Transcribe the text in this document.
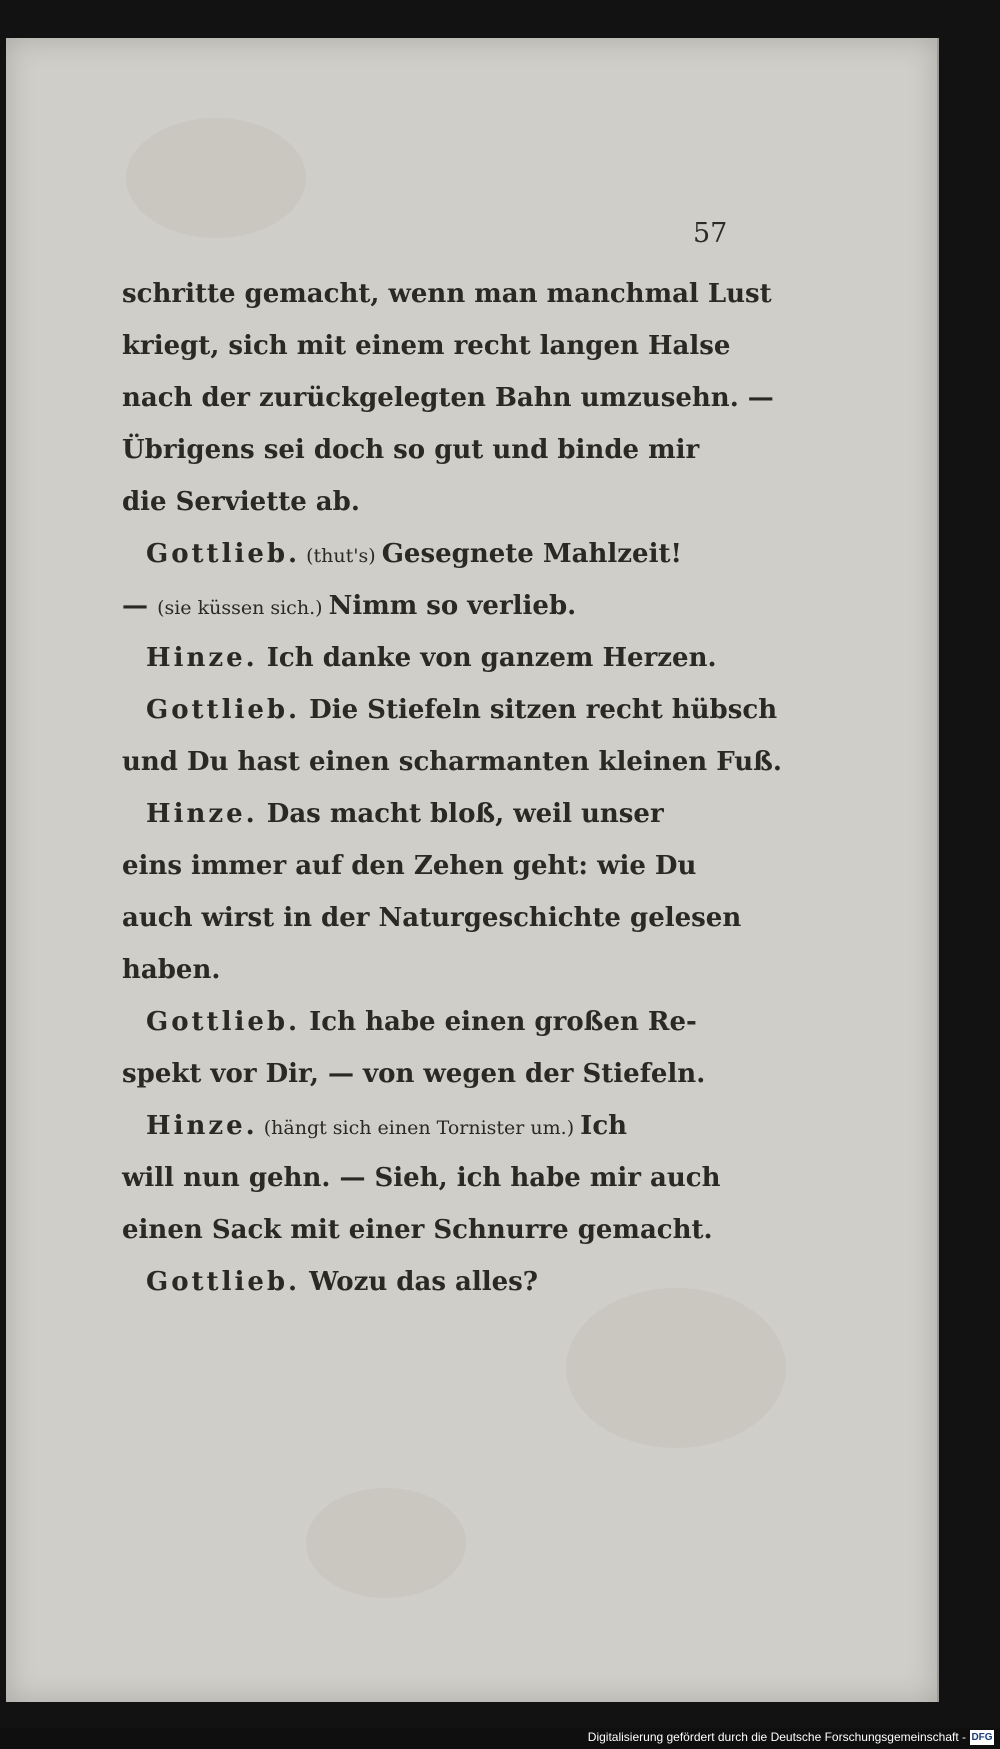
57
schritte gemacht, wenn man manchmal Lust
kriegt, sich mit einem recht langen Halse
nach der zurückgelegten Bahn umzusehn. —
Übrigens sei doch so gut und binde mir
die Serviette ab.
Gottlieb. (thut's) Gesegnete Mahlzeit!
— (sie küssen sich.) Nimm so verlieb.
Hinze. Ich danke von ganzem Herzen.
Gottlieb. Die Stiefeln sitzen recht hübsch
und Du hast einen scharmanten kleinen Fuß.
Hinze. Das macht bloß, weil unser
eins immer auf den Zehen geht: wie Du
auch wirst in der Naturgeschichte gelesen
haben.
Gottlieb. Ich habe einen großen Re-
spekt vor Dir, — von wegen der Stiefeln.
Hinze. (hängt sich einen Tornister um.) Ich
will nun gehn. — Sieh, ich habe mir auch
einen Sack mit einer Schnurre gemacht.
Gottlieb. Wozu das alles?
Digitalisierung gefördert durch die Deutsche Forschungsgemeinschaft - DFG
